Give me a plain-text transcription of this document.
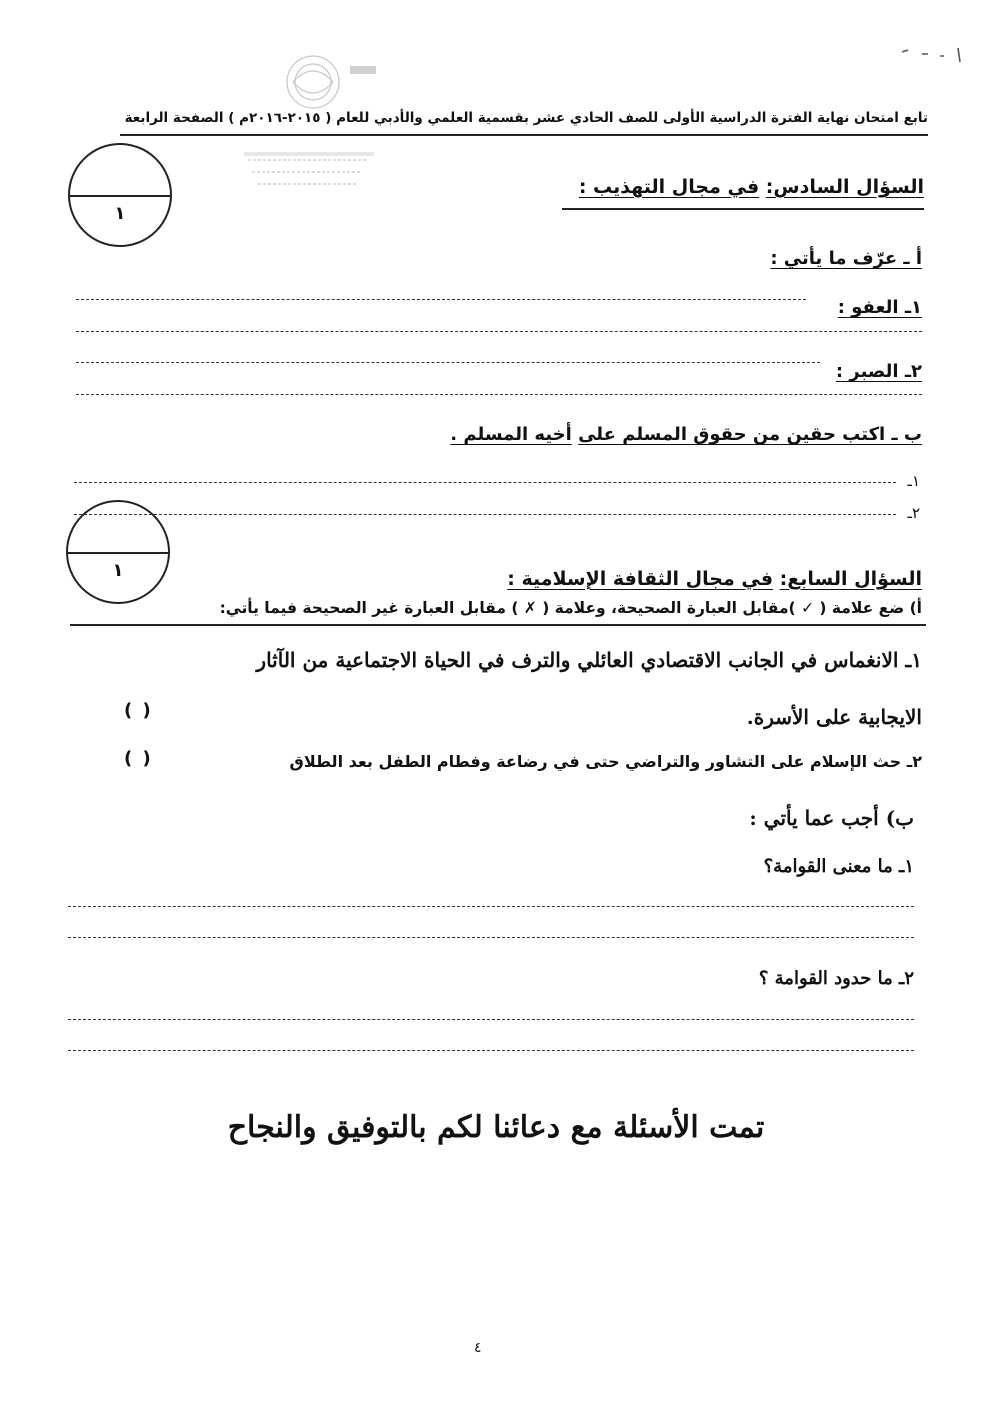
تابع امتحان نهاية الفترة الدراسية الأولى للصف الحادي عشر بقسمية العلمي والأدبي للعام ( ٢٠١٥-٢٠١٦م ) الصفحة الرابعة
١
السؤال السادس: في مجال التهذيب :
أ ـ عرّف ما يأتي :
١ـ العفو :
٢ـ الصبر :
ب ـ اكتب حقين من حقوق المسلم على أخيه المسلم .
١ـ
٢ـ
١	السؤال السابع: في مجال الثقافة الإسلامية :
أ) ضع علامة ( ✓ )مقابل العبارة الصحيحة، وعلامة ( ✗ ) مقابل العبارة غير الصحيحة فيما يأتي:
١ـ الانغماس في الجانب الاقتصادي العائلي والترف في الحياة الاجتماعية من الآثار
الايجابية على الأسرة.
( )
٢ـ حث الإسلام على التشاور والتراضي حتى في رضاعة وفطام الطفل بعد الطلاق
( )
ب) أجب عما يأتي :
١ـ ما معنى القوامة؟
٢ـ ما حدود القوامة ؟
تمت الأسئلة مع دعائنا لكم بالتوفيق والنجاح
٤
